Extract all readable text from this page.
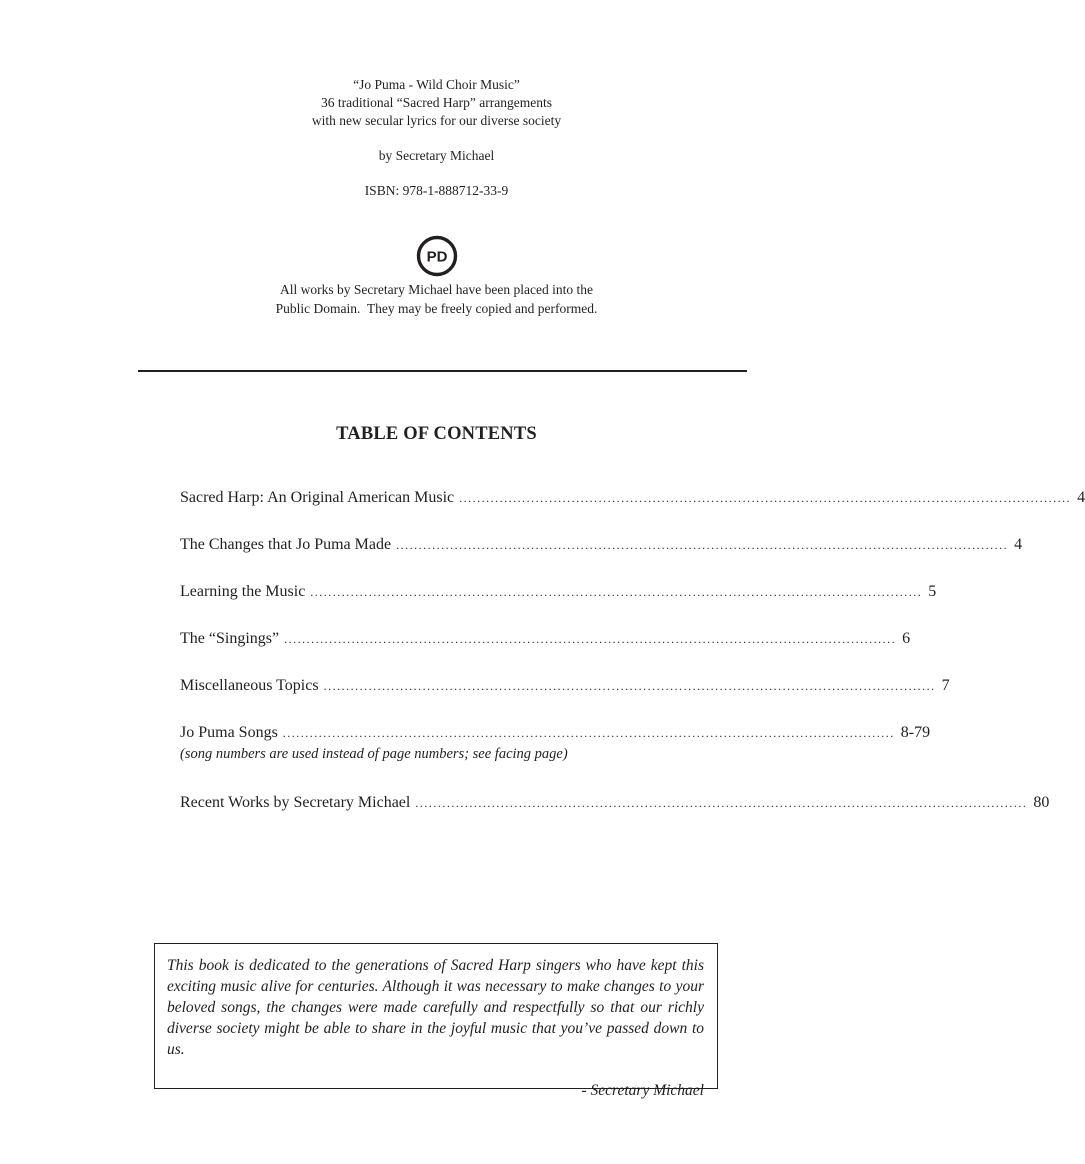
“Jo Puma - Wild Choir Music”
36 traditional “Sacred Harp” arrangements
with new secular lyrics for our diverse society
by Secretary Michael
ISBN: 978-1-888712-33-9
PD
All works by Secretary Michael have been placed into the
Public Domain.  They may be freely copied and performed.
TABLE OF CONTENTS
Sacred Harp: An Original American Music ........................................................................................................................................ 4
The Changes that Jo Puma Made ........................................................................................................................................ 4
Learning the Music ........................................................................................................................................ 5
The “Singings” ........................................................................................................................................ 6
Miscellaneous Topics ........................................................................................................................................ 7
Jo Puma Songs ........................................................................................................................................ 8-79
(song numbers are used instead of page numbers; see facing page)
Recent Works by Secretary Michael ........................................................................................................................................ 80
This book is dedicated to the generations of Sacred Harp singers who have kept this exciting music alive for centuries. Although it was necessary to make changes to your beloved songs, the changes were made carefully and respectfully so that our richly diverse society might be able to share in the joyful music that you’ve passed down to us.
- Secretary Michael
